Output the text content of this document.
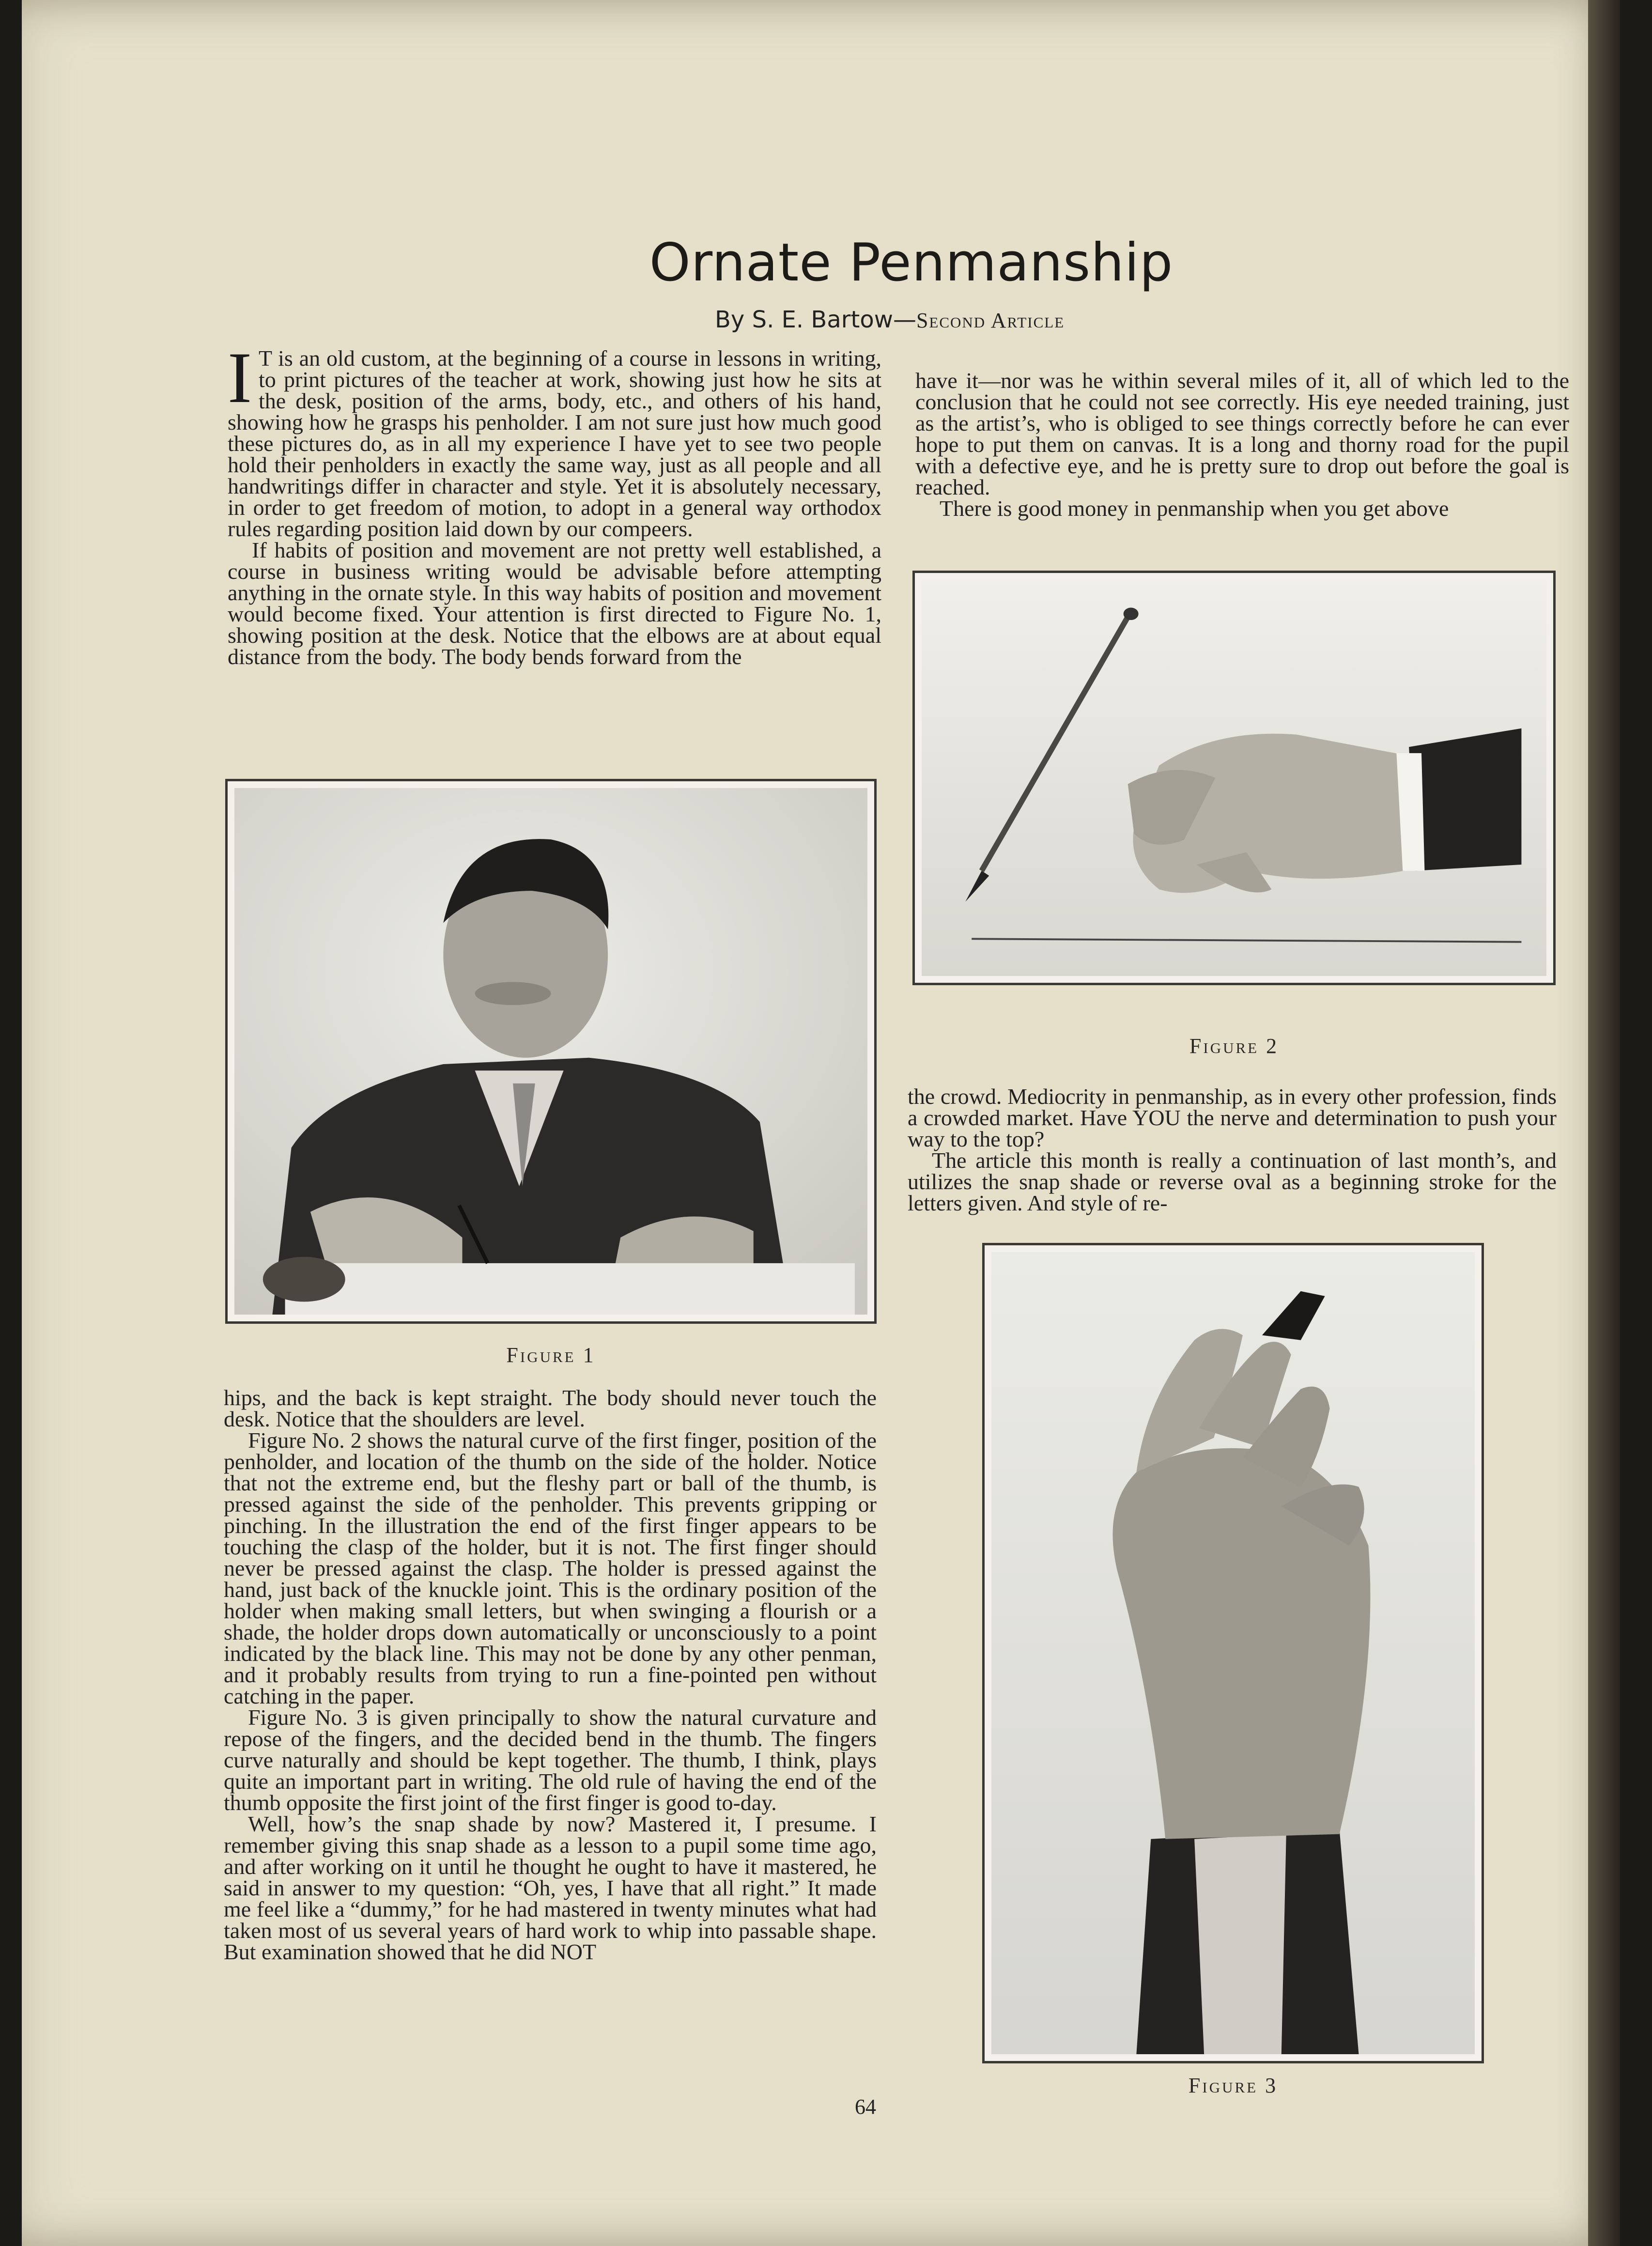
Ornate Penmanship
By S. E. Bartow—Second Article

I T is an old custom, at the beginning of a course in lessons in writing, to print pictures of the teacher at work, showing just how he sits at the desk, position of the arms, body, etc., and others of his hand, showing how he grasps his penholder. I am not sure just how much good these pictures do, as in all my experience I have yet to see two people hold their penholders in exactly the same way, just as all people and all handwritings differ in character and style. Yet it is absolutely necessary, in order to get freedom of motion, to adopt in a general way orthodox rules regarding position laid down by our compeers.

If habits of position and movement are not pretty well established, a course in business writing would be advisable before attempting anything in the ornate style. In this way habits of position and movement would become fixed. Your attention is first directed to Figure No. 1, showing position at the desk. Notice that the elbows are at about equal distance from the body. The body bends forward from the

Figure 1

hips, and the back is kept straight. The body should never touch the desk. Notice that the shoulders are level.

Figure No. 2 shows the natural curve of the first finger, position of the penholder, and location of the thumb on the side of the holder. Notice that not the extreme end, but the fleshy part or ball of the thumb, is pressed against the side of the penholder. This prevents gripping or pinching. In the illustration the end of the first finger appears to be touching the clasp of the holder, but it is not. The first finger should never be pressed against the clasp. The holder is pressed against the hand, just back of the knuckle joint. This is the ordinary position of the holder when making small letters, but when swinging a flourish or a shade, the holder drops down automatically or unconsciously to a point indicated by the black line. This may not be done by any other penman, and it probably results from trying to run a fine-pointed pen without catching in the paper.

Figure No. 3 is given principally to show the natural curvature and repose of the fingers, and the decided bend in the thumb. The fingers curve naturally and should be kept together. The thumb, I think, plays quite an important part in writing. The old rule of having the end of the thumb opposite the first joint of the first finger is good to-day.

Well, how’s the snap shade by now? Mastered it, I presume. I remember giving this snap shade as a lesson to a pupil some time ago, and after working on it until he thought he ought to have it mastered, he said in answer to my question: “Oh, yes, I have that all right.” It made me feel like a “dummy,” for he had mastered in twenty minutes what had taken most of us several years of hard work to whip into passable shape. But examination showed that he did NOT

have it—nor was he within several miles of it, all of which led to the conclusion that he could not see correctly. His eye needed training, just as the artist’s, who is obliged to see things correctly before he can ever hope to put them on canvas. It is a long and thorny road for the pupil with a defective eye, and he is pretty sure to drop out before the goal is reached.

There is good money in penmanship when you get above

Figure 2

the crowd. Mediocrity in penmanship, as in every other profession, finds a crowded market. Have YOU the nerve and determination to push your way to the top?

The article this month is really a continuation of last month’s, and utilizes the snap shade or reverse oval as a beginning stroke for the letters given. And style of re-

Figure 3
64
